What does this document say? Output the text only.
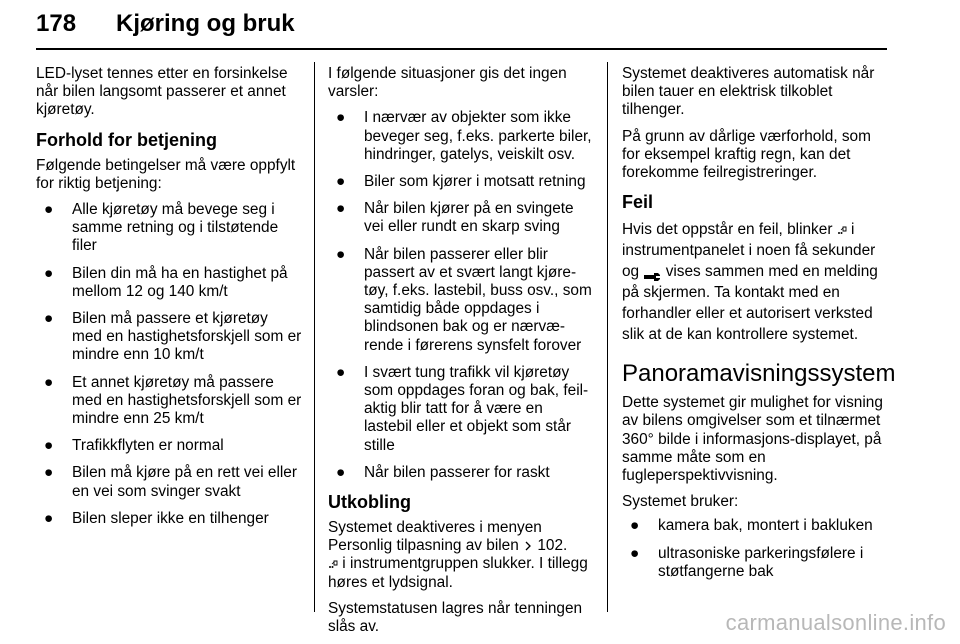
178 Kjøring og bruk

LED-lyset tennes etter en forsinkelse når bilen langsomt passerer et annet kjøretøy.

Forhold for betjening

Følgende betingelser må være oppfylt for riktig betjening:

● Alle kjøretøy må bevege seg i samme retning og i tilstøtende filer
● Bilen din må ha en hastighet på mellom 12 og 140 km/t
● Bilen må passere et kjøretøy med en hastighetsforskjell som er mindre enn 10 km/t
● Et annet kjøretøy må passere med en hastighetsforskjell som er mindre enn 25 km/t
● Trafikkflyten er normal
● Bilen må kjøre på en rett vei eller en vei som svinger svakt
● Bilen sleper ikke en tilhenger

I følgende situasjoner gis det ingen varsler:

● I nærvær av objekter som ikke beveger seg, f.eks. parkerte biler, hindringer, gatelys, veiskilt osv.
● Biler som kjører i motsatt retning
● Når bilen kjører på en svingete vei eller rundt en skarp sving
● Når bilen passerer eller blir passert av et svært langt kjøre-tøy, f.eks. lastebil, buss osv., som samtidig både oppdages i blindsonen bak og er nærvæ-rende i førerens synsfelt forover
● I svært tung trafikk vil kjøretøy som oppdages foran og bak, feil-aktig blir tatt for å være en lastebil eller et objekt som står stille
● Når bilen passerer for raskt
Utkobling

Systemet deaktiveres i menyen Personlig tilpasning av bilen 102.

i instrumentgruppen slukker. I tillegg høres et lydsignal.

Systemstatusen lagres når tenningen slås av.

Systemet deaktiveres automatisk når bilen tauer en elektrisk tilkoblet tilhenger.

På grunn av dårlige værforhold, som for eksempel kraftig regn, kan det forekomme feilregistreringer.

Feil

Hvis det oppstår en feil, blinker i instrumentpanelet i noen få sekunder og vises sammen med en melding på skjermen. Ta kontakt med en forhandler eller et autorisert verksted slik at de kan kontrollere systemet.

Panoramavisningssystem

Dette systemet gir mulighet for visning av bilens omgivelser som et tilnærmet 360° bilde i informasjons-displayet, på samme måte som en fugleperspektivvisning.

Systemet bruker:

● kamera bak, montert i bakluken
● ultrasoniske parkeringsfølere i støtfangerne bak
carmanualsonline.info
